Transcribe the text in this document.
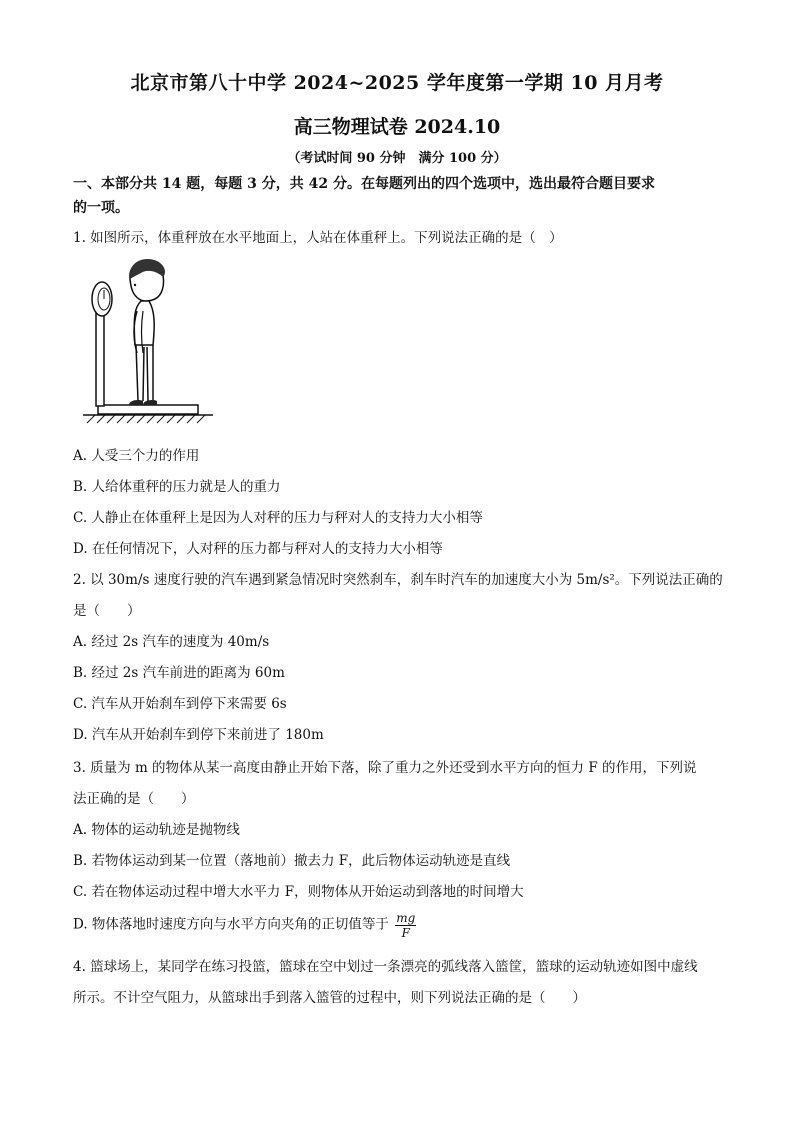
北京市第八十中学 2024~2025 学年度第一学期 10 月月考
高三物理试卷 2024.10
（考试时间 90 分钟　满分 100 分）
一、本部分共 14 题，每题 3 分，共 42 分。在每题列出的四个选项中，选出最符合题目要求
的一项。
1. 如图所示，体重秤放在水平地面上，人站在体重秤上。下列说法正确的是（　）
A. 人受三个力的作用
B. 人给体重秤的压力就是人的重力
C. 人静止在体重秤上是因为人对秤的压力与秤对人的支持力大小相等
D. 在任何情况下，人对秤的压力都与秤对人的支持力大小相等
2. 以 30m/s 速度行驶的汽车遇到紧急情况时突然刹车，刹车时汽车的加速度大小为 5m/s²。下列说法正确的
是（　　）
A. 经过 2s 汽车的速度为 40m/s
B. 经过 2s 汽车前进的距离为 60m
C. 汽车从开始刹车到停下来需要 6s
D. 汽车从开始刹车到停下来前进了 180m
3. 质量为 m 的物体从某一高度由静止开始下落，除了重力之外还受到水平方向的恒力 F 的作用，下列说
法正确的是（　　）
A. 物体的运动轨迹是抛物线
B. 若物体运动到某一位置（落地前）撤去力 F，此后物体运动轨迹是直线
C. 若在物体运动过程中增大水平力 F，则物体从开始运动到落地的时间增大
D. 物体落地时速度方向与水平方向夹角的正切值等于 $\frac{mg}{F}$
4. 篮球场上，某同学在练习投篮，篮球在空中划过一条漂亮的弧线落入篮筐，篮球的运动轨迹如图中虚线
所示。不计空气阻力，从篮球出手到落入篮管的过程中，则下列说法正确的是（　　）
